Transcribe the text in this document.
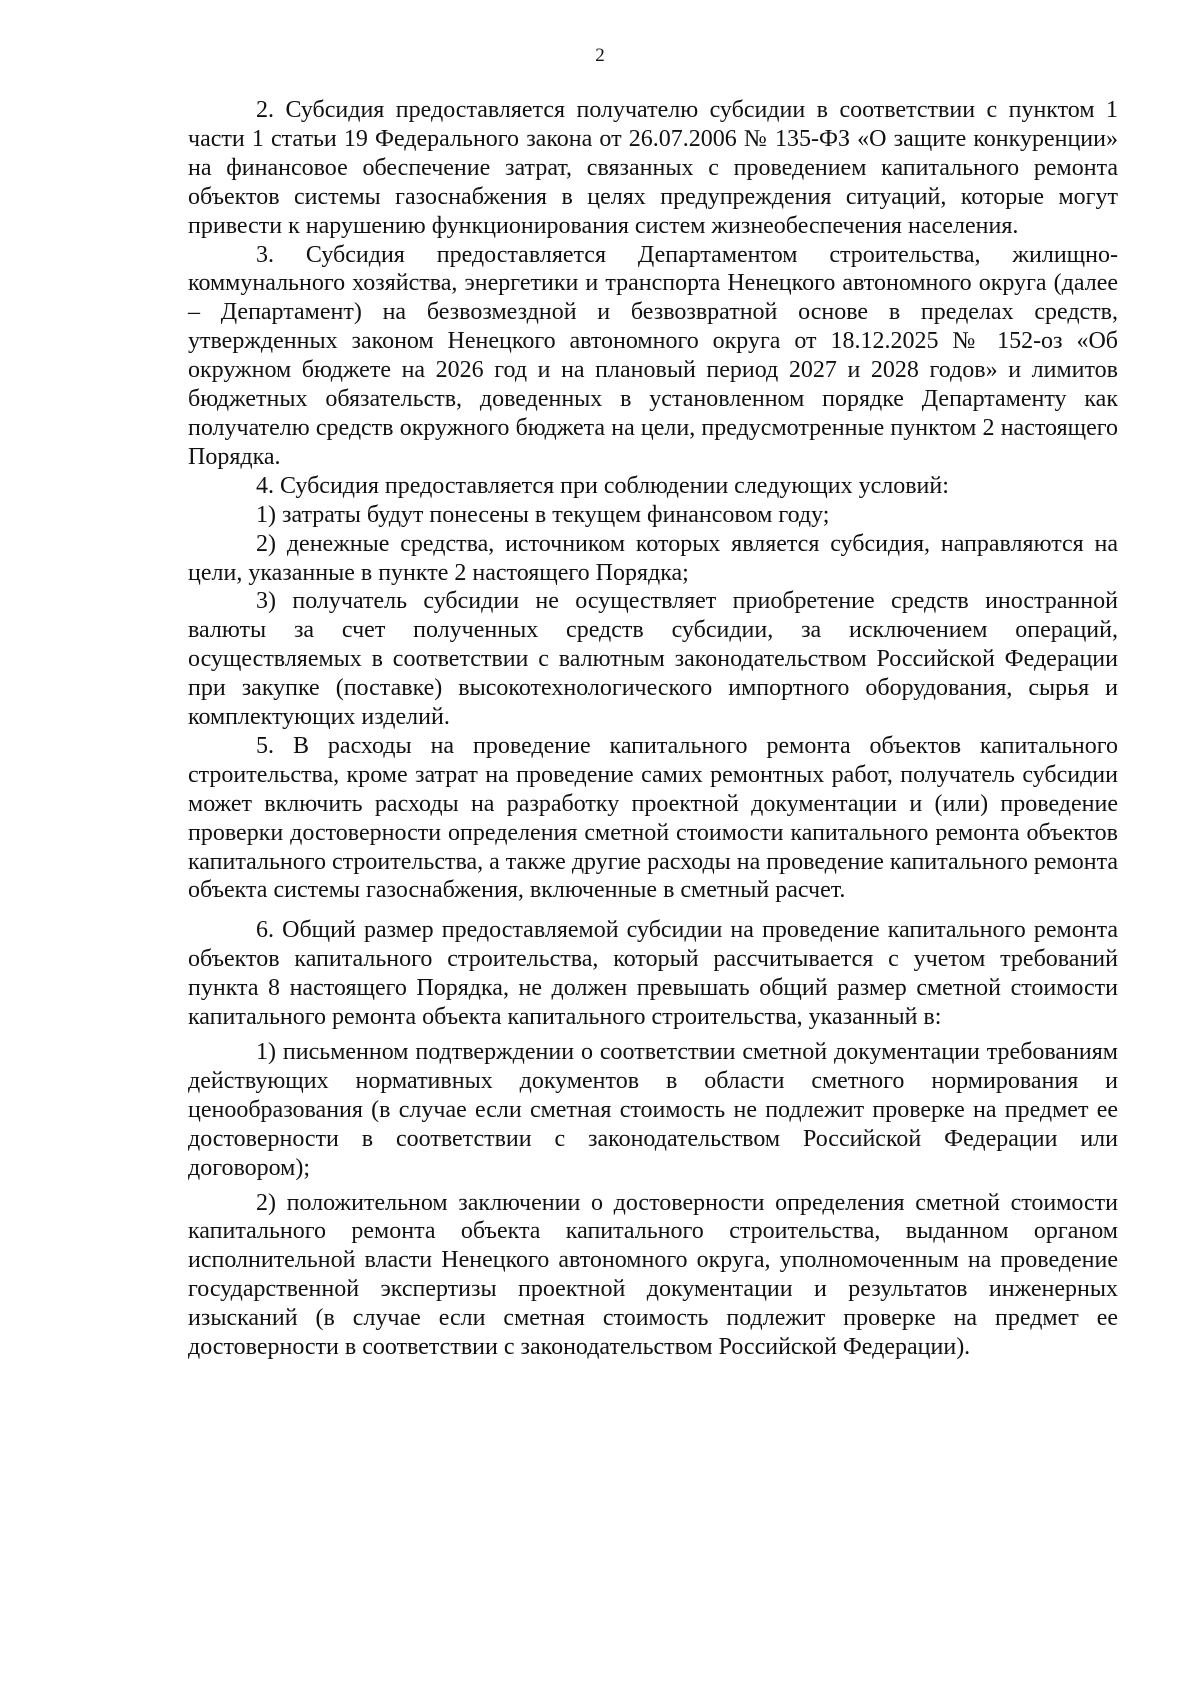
2

2. Субсидия предоставляется получателю субсидии в соответствии с пунктом 1 части 1 статьи 19 Федерального закона от 26.07.2006 № 135-ФЗ «О защите конкуренции» на финансовое обеспечение затрат, связанных с проведением капитального ремонта объектов системы газоснабжения в целях предупреждения ситуаций, которые могут привести к нарушению функционирования систем жизнеобеспечения населения.

3. Субсидия предоставляется Департаментом строительства, жилищно-коммунального хозяйства, энергетики и транспорта Ненецкого автономного округа (далее – Департамент) на безвозмездной и безвозвратной основе в пределах средств, утвержденных законом Ненецкого автономного округа от 18.12.2025 № 152-оз «Об окружном бюджете на 2026 год и на плановый период 2027 и 2028 годов» и лимитов бюджетных обязательств, доведенных в установленном порядке Департаменту как получателю средств окружного бюджета на цели, предусмотренные пунктом 2 настоящего Порядка.

4. Субсидия предоставляется при соблюдении следующих условий:

1) затраты будут понесены в текущем финансовом году;

2) денежные средства, источником которых является субсидия, направляются на цели, указанные в пункте 2 настоящего Порядка;

3) получатель субсидии не осуществляет приобретение средств иностранной валюты за счет полученных средств субсидии, за исключением операций, осуществляемых в соответствии с валютным законодательством Российской Федерации при закупке (поставке) высокотехнологического импортного оборудования, сырья и комплектующих изделий.

5. В расходы на проведение капитального ремонта объектов капитального строительства, кроме затрат на проведение самих ремонтных работ, получатель субсидии может включить расходы на разработку проектной документации и (или) проведение проверки достоверности определения сметной стоимости капитального ремонта объектов капитального строительства, а также другие расходы на проведение капитального ремонта объекта системы газоснабжения, включенные в сметный расчет.

6. Общий размер предоставляемой субсидии на проведение капитального ремонта объектов капитального строительства, который рассчитывается с учетом требований пункта 8 настоящего Порядка, не должен превышать общий размер сметной стоимости капитального ремонта объекта капитального строительства, указанный в:

1) письменном подтверждении о соответствии сметной документации требованиям действующих нормативных документов в области сметного нормирования и ценообразования (в случае если сметная стоимость не подлежит проверке на предмет ее достоверности в соответствии с законодательством Российской Федерации или договором);

2) положительном заключении о достоверности определения сметной стоимости капитального ремонта объекта капитального строительства, выданном органом исполнительной власти Ненецкого автономного округа, уполномоченным на проведение государственной экспертизы проектной документации и результатов инженерных изысканий (в случае если сметная стоимость подлежит проверке на предмет ее достоверности в соответствии с законодательством Российской Федерации).
